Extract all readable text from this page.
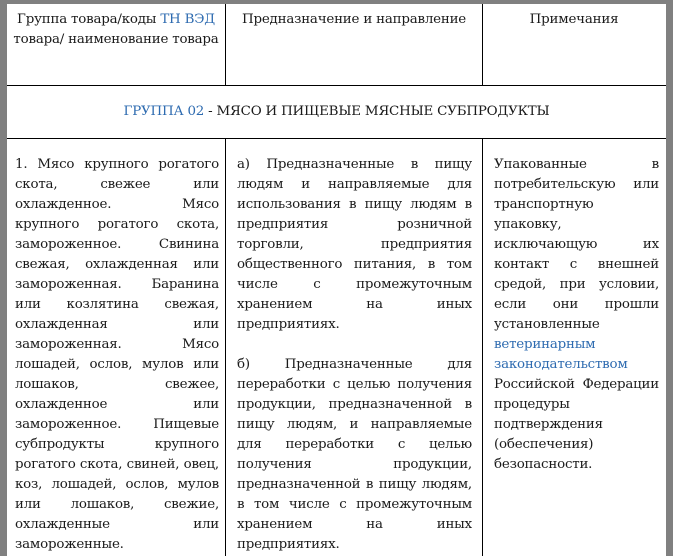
Группа товара/коды ТН ВЭД товара/ наименование товара
Предназначение и направление	Примечания
ГРУППА 02 - МЯСО И ПИЩЕВЫЕ МЯСНЫЕ СУБПРОДУКТЫ
1. Мясо крупного рогатого скота, свежее или охлажденное. Мясо крупного рогатого скота, замороженное. Свинина свежая, охлажденная или замороженная. Баранина или козлятина свежая, охлажденная или замороженная. Мясо лошадей, ослов, мулов или лошаков, свежее, охлажденное или замороженное. Пищевые субпродукты крупного рогатого скота, свиней, овец, коз, лошадей, ослов, мулов или лошаков, свежие, охлажденные или замороженные.

а) Предназначенные в пищу людям и направляемые для использования в пищу людям в предприятия розничной торговли, предприятия общественного питания, в том числе с промежуточным хранением на иных предприятиях.

б) Предназначенные для переработки с целью получения продукции, предназначенной в пищу людям, и направляемые для переработки с целью получения продукции, предназначенной в пищу людям, в том числе с промежуточным хранением на иных предприятиях.

Упакованные в потребительскую или транспортную упаковку, исключающую их контакт с внешней средой, при условии, если они прошли установленные ветеринарным законодательством Российской Федерации процедуры подтверждения (обеспечения) безопасности.
